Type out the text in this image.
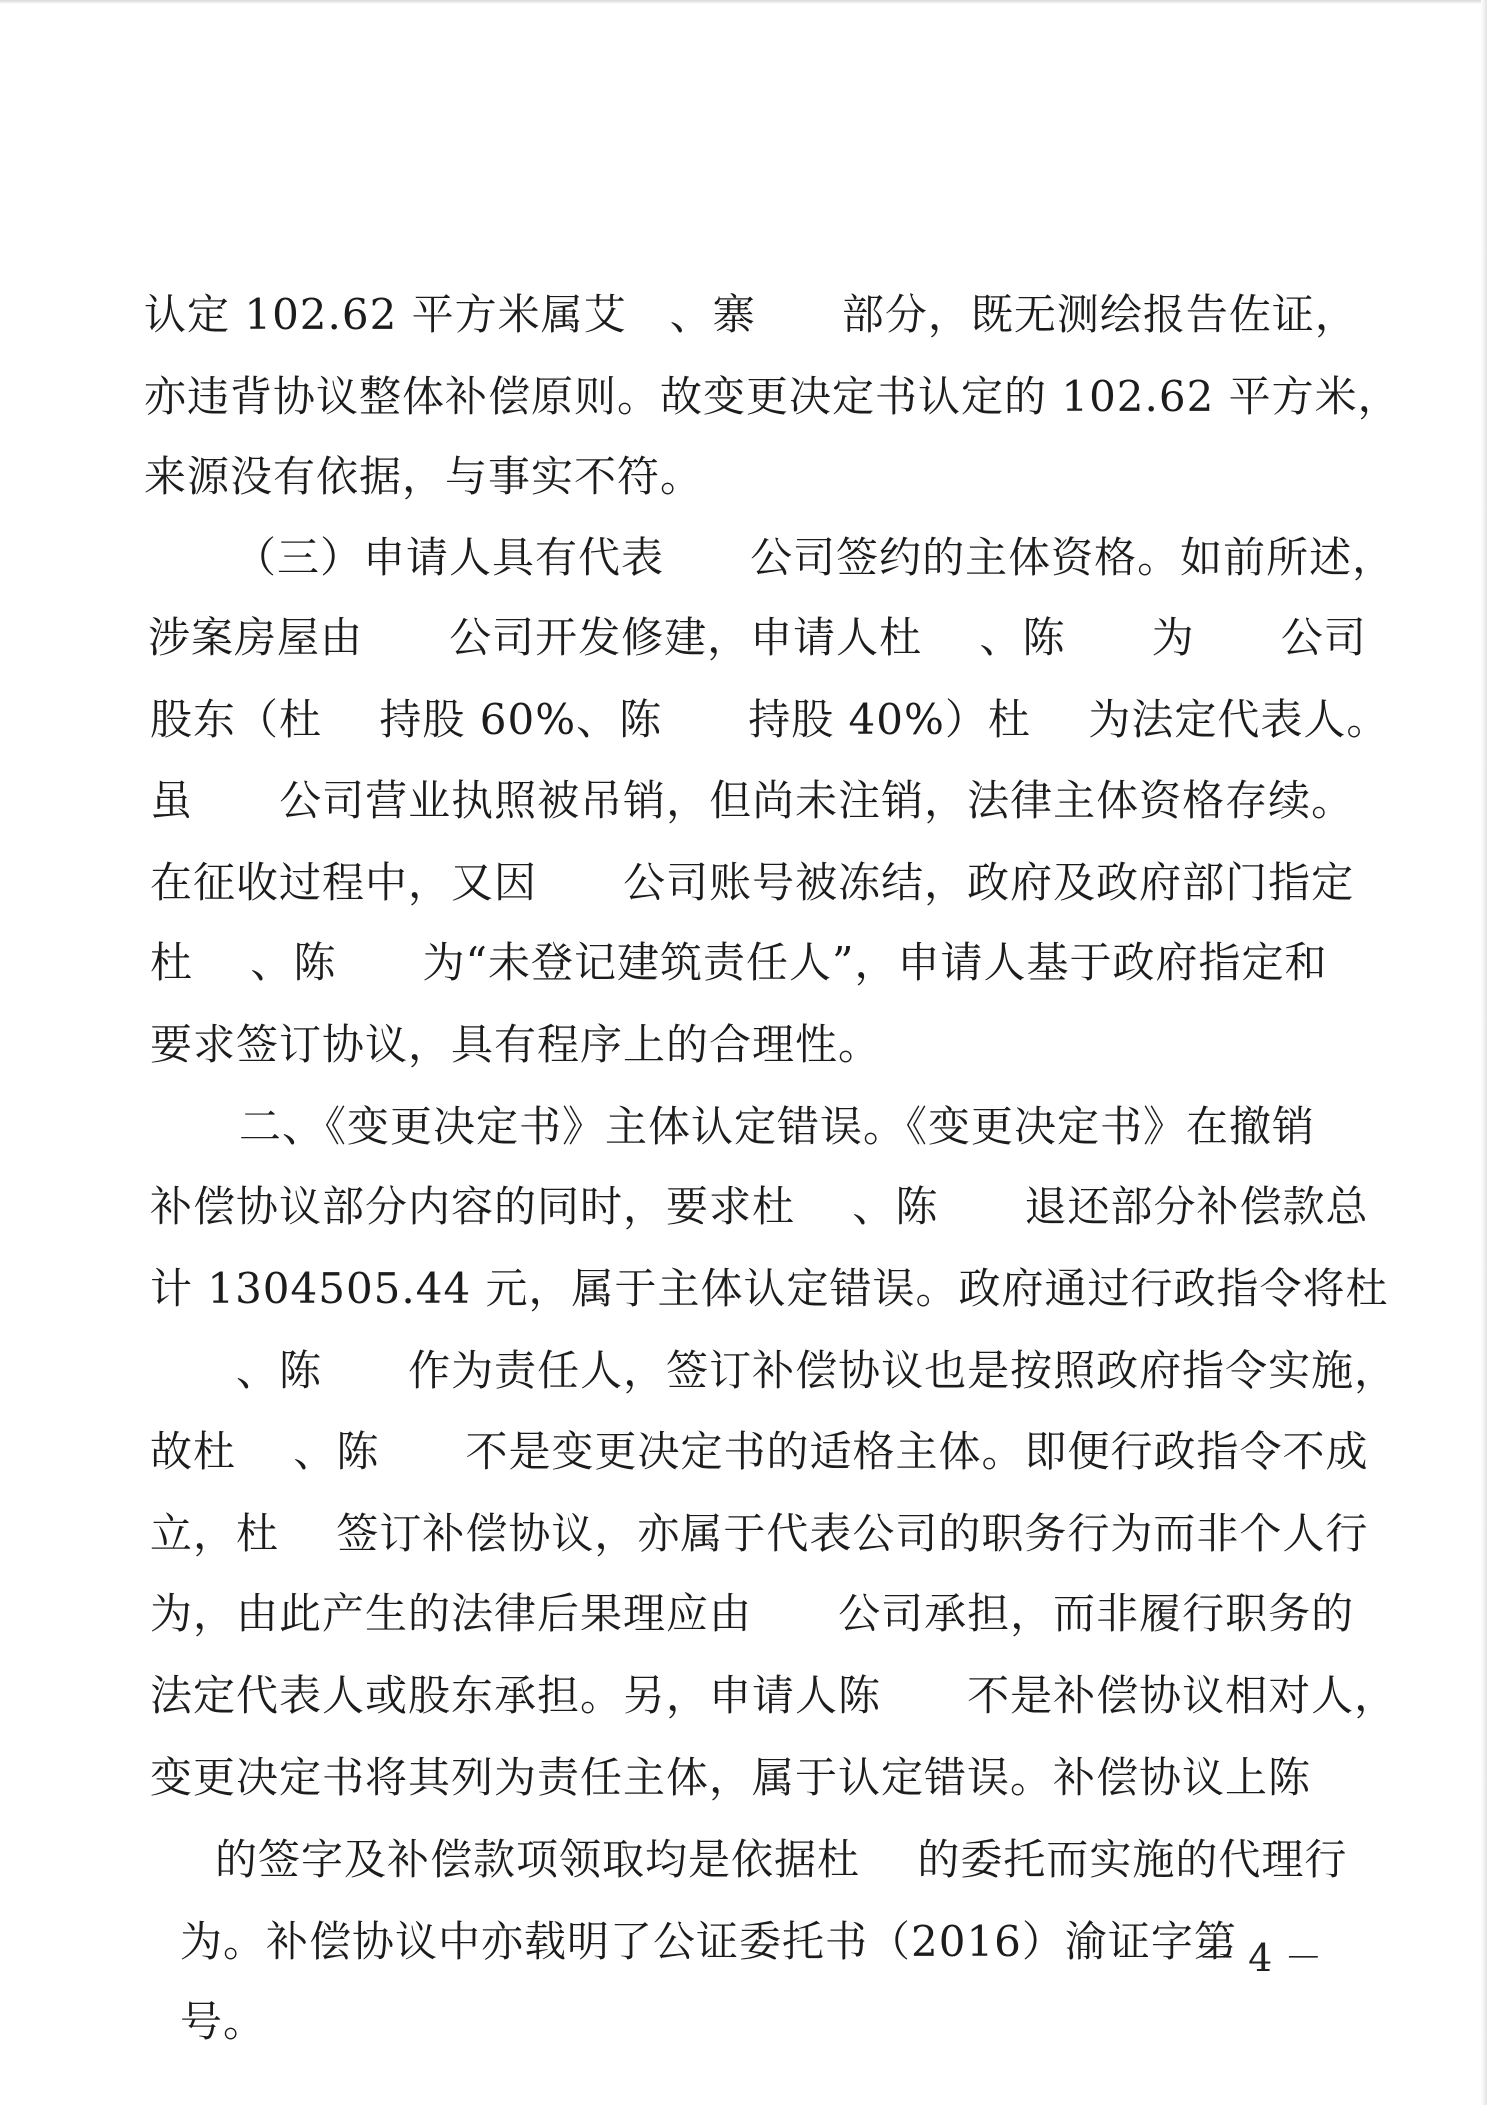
认定 102.62 平方米属艾   、寨      部分，既无测绘报告佐证，
亦违背协议整体补偿原则。故变更决定书认定的 102.62 平方米，
来源没有依据，与事实不符。
（三）申请人具有代表      公司签约的主体资格。如前所述，
涉案房屋由      公司开发修建，申请人杜    、陈      为      公司
股东（杜    持股 60%、陈      持股 40%）杜    为法定代表人。
虽      公司营业执照被吊销，但尚未注销，法律主体资格存续。
在征收过程中，又因      公司账号被冻结，政府及政府部门指定
杜    、陈      为“未登记建筑责任人”，申请人基于政府指定和
要求签订协议，具有程序上的合理性。
二、《变更决定书》主体认定错误。《变更决定书》在撤销
补偿协议部分内容的同时，要求杜    、陈      退还部分补偿款总
计 1304505.44 元，属于主体认定错误。政府通过行政指令将杜
、陈      作为责任人，签订补偿协议也是按照政府指令实施，
故杜    、陈      不是变更决定书的适格主体。即便行政指令不成
立，杜    签订补偿协议，亦属于代表公司的职务行为而非个人行
为，由此产生的法律后果理应由      公司承担，而非履行职务的
法定代表人或股东承担。另，申请人陈      不是补偿协议相对人，
变更决定书将其列为责任主体，属于认定错误。补偿协议上陈
的签字及补偿款项领取均是依据杜    的委托而实施的代理行
为。补偿协议中亦载明了公证委托书（2016）渝证字第
号。
－ 4 －
